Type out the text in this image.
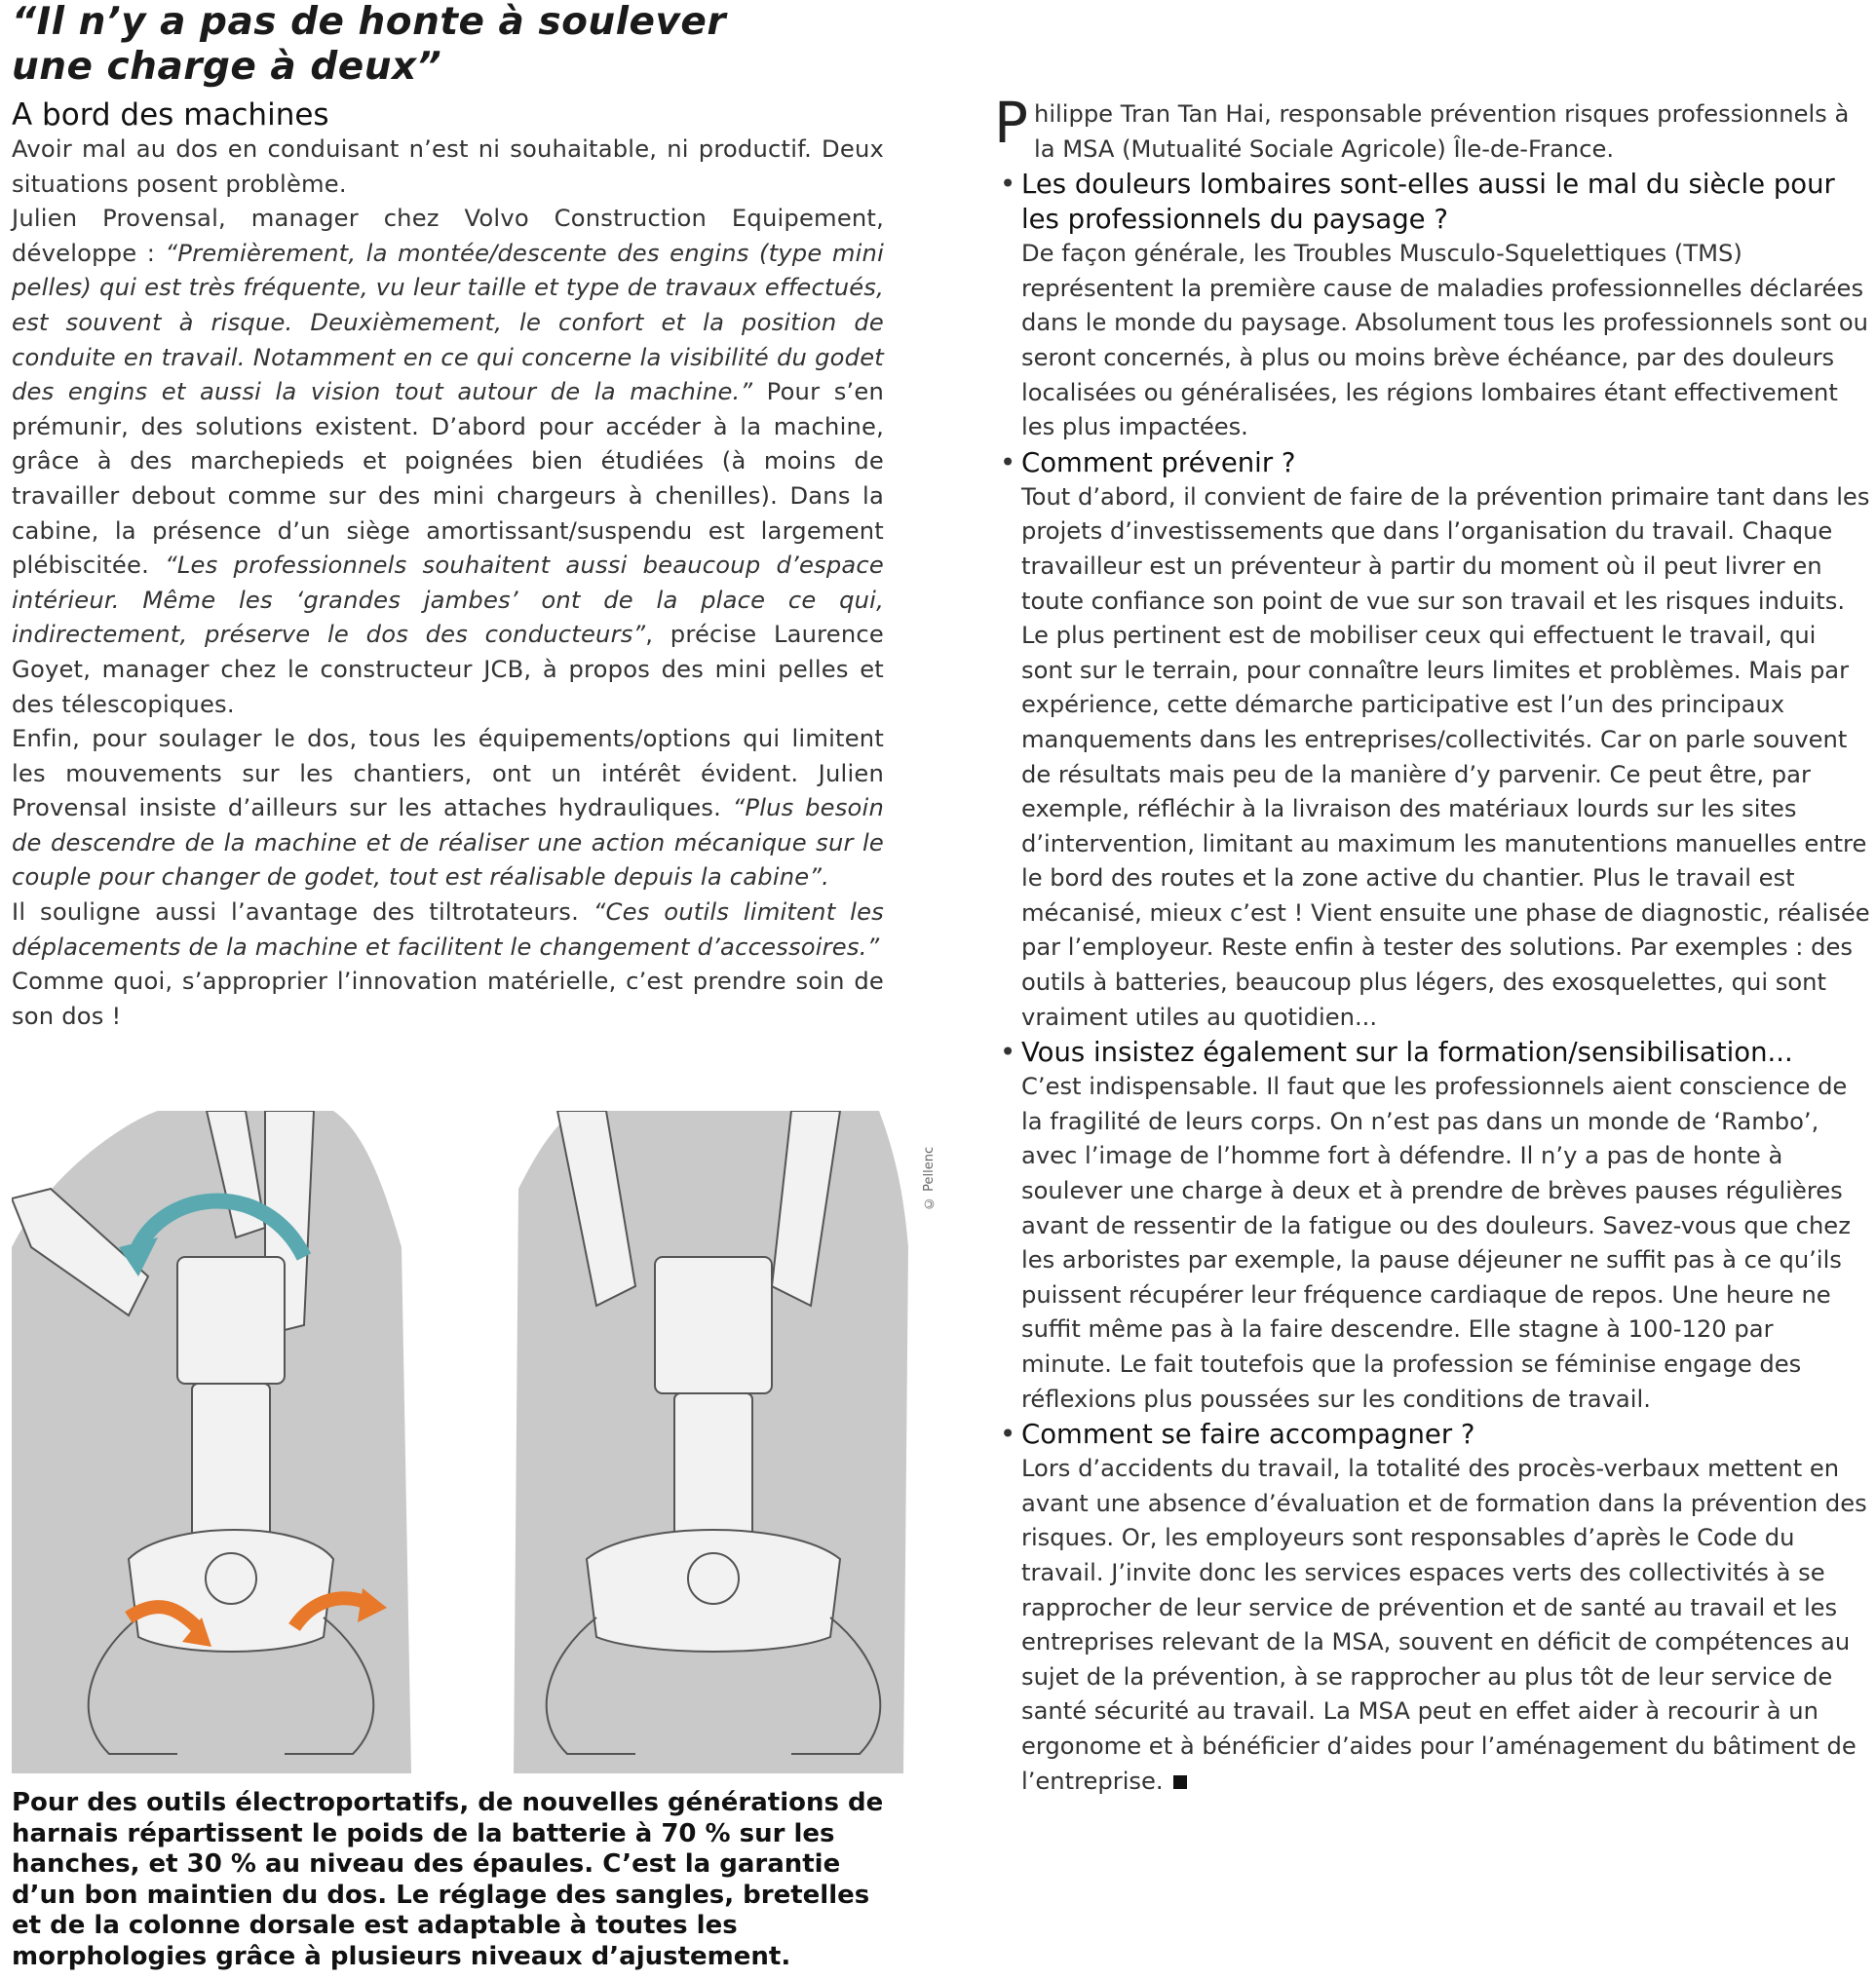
“Il n’y a pas de honte à soulever
une charge à deux”
A bord des machines

Avoir mal au dos en conduisant n’est ni souhaitable, ni productif. Deux situations posent problème.

Julien Provensal, manager chez Volvo Construction Equipement, développe : “Premièrement, la montée/descente des engins (type mini pelles) qui est très fréquente, vu leur taille et type de travaux effectués, est souvent à risque. Deuxièmement, le confort et la position de conduite en travail. Notamment en ce qui concerne la visibilité du godet des engins et aussi la vision tout autour de la machine.” Pour s’en prémunir, des solutions existent. D’abord pour accéder à la machine, grâce à des marchepieds et poignées bien étudiées (à moins de travailler debout comme sur des mini chargeurs à chenilles). Dans la cabine, la présence d’un siège amortissant/suspendu est largement plébiscitée. “Les professionnels souhaitent aussi beaucoup d’espace intérieur. Même les ‘grandes jambes’ ont de la place ce qui, indirectement, préserve le dos des conducteurs”, précise Laurence Goyet, manager chez le constructeur JCB, à propos des mini pelles et des télescopiques.

Enfin, pour soulager le dos, tous les équipements/options qui limitent les mouvements sur les chantiers, ont un intérêt évident. Julien Provensal insiste d’ailleurs sur les attaches hydrauliques. “Plus besoin de descendre de la machine et de réaliser une action mécanique sur le couple pour changer de godet, tout est réalisable depuis la cabine”.

Il souligne aussi l’avantage des tiltrotateurs. “Ces outils limitent les déplacements de la machine et facilitent le changement d’accessoires.”

Comme quoi, s’approprier l’innovation matérielle, c’est prendre soin de son dos !

© Pellenc

Pour des outils électroportatifs, de nouvelles générations de harnais répartissent le poids de la batterie à 70 % sur les hanches, et 30 % au niveau des épaules. C’est la garantie d’un bon maintien du dos. Le réglage des sangles, bretelles et de la colonne dorsale est adaptable à toutes les morphologies grâce à plusieurs niveaux d’ajustement.

Philippe Tran Tan Hai, responsable prévention risques professionnels à la MSA (Mutualité Sociale Agricole) Île-de-France.

• Les douleurs lombaires sont-elles aussi le mal du siècle pour les professionnels du paysage ?

De façon générale, les Troubles Musculo-Squelettiques (TMS) représentent la première cause de maladies professionnelles déclarées dans le monde du paysage. Absolument tous les professionnels sont ou seront concernés, à plus ou moins brève échéance, par des douleurs localisées ou généralisées, les régions lombaires étant effectivement les plus impactées.

• Comment prévenir ?

Tout d’abord, il convient de faire de la prévention primaire tant dans les projets d’investissements que dans l’organisation du travail. Chaque travailleur est un préventeur à partir du moment où il peut livrer en toute confiance son point de vue sur son travail et les risques induits. Le plus pertinent est de mobiliser ceux qui effectuent le travail, qui sont sur le terrain, pour connaître leurs limites et problèmes. Mais par expérience, cette démarche participative est l’un des principaux manquements dans les entreprises/collectivités. Car on parle souvent de résultats mais peu de la manière d’y parvenir. Ce peut être, par exemple, réfléchir à la livraison des matériaux lourds sur les sites d’intervention, limitant au maximum les manutentions manuelles entre le bord des routes et la zone active du chantier. Plus le travail est mécanisé, mieux c’est ! Vient ensuite une phase de diagnostic, réalisée par l’employeur. Reste enfin à tester des solutions. Par exemples : des outils à batteries, beaucoup plus légers, des exosquelettes, qui sont vraiment utiles au quotidien...

• Vous insistez également sur la formation/sensibilisation...

C’est indispensable. Il faut que les professionnels aient conscience de la fragilité de leurs corps. On n’est pas dans un monde de ‘Rambo’, avec l’image de l’homme fort à défendre. Il n’y a pas de honte à soulever une charge à deux et à prendre de brèves pauses régulières avant de ressentir de la fatigue ou des douleurs. Savez-vous que chez les arboristes par exemple, la pause déjeuner ne suffit pas à ce qu’ils puissent récupérer leur fréquence cardiaque de repos. Une heure ne suffit même pas à la faire descendre. Elle stagne à 100-120 par minute. Le fait toutefois que la profession se féminise engage des réflexions plus poussées sur les conditions de travail.

• Comment se faire accompagner ?

Lors d’accidents du travail, la totalité des procès-verbaux mettent en avant une absence d’évaluation et de formation dans la prévention des risques. Or, les employeurs sont responsables d’après le Code du travail. J’invite donc les services espaces verts des collectivités à se rapprocher de leur service de prévention et de santé au travail et les entreprises relevant de la MSA, souvent en déficit de compétences au sujet de la prévention, à se rapprocher au plus tôt de leur service de santé sécurité au travail. La MSA peut en effet aider à recourir à un ergonome et à bénéficier d’aides pour l’aménagement du bâtiment de l’entreprise.
